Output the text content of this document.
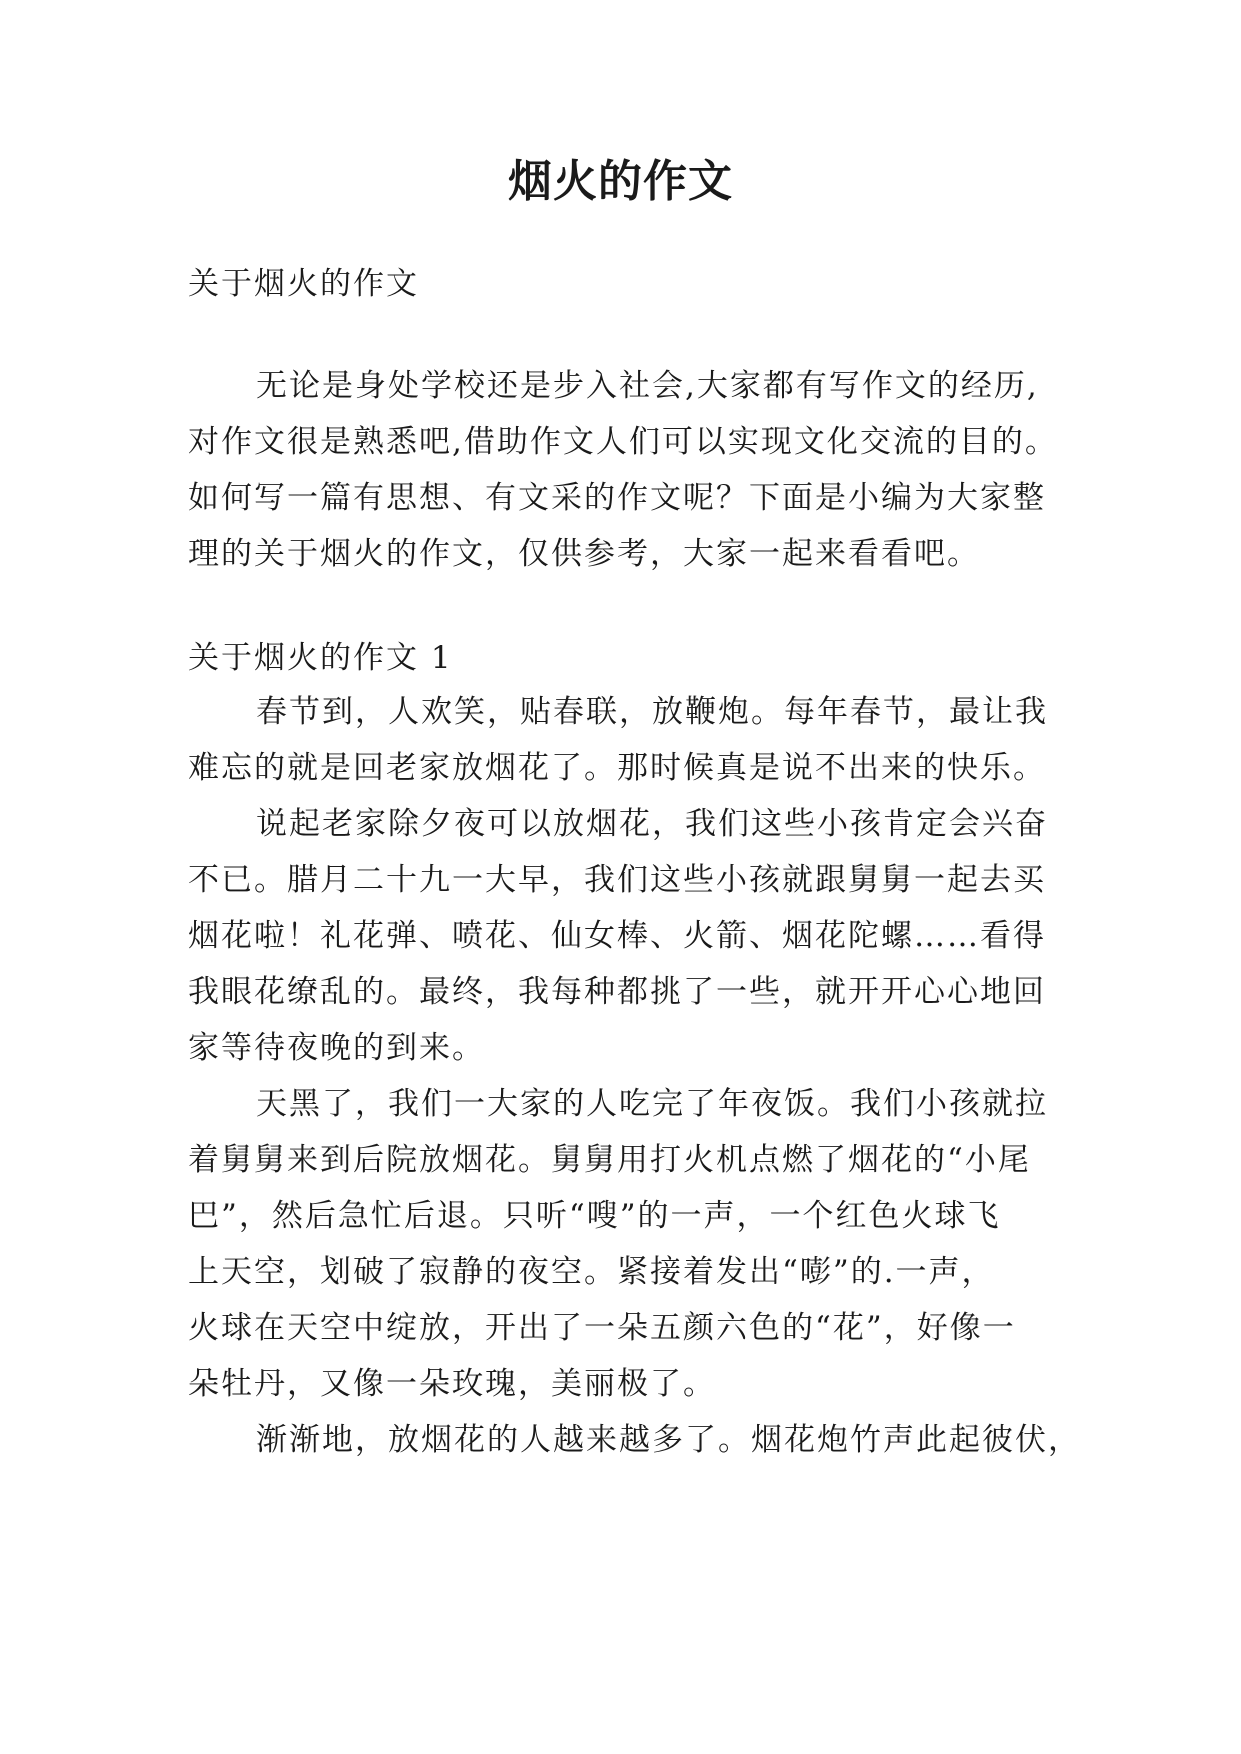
烟火的作文
关于烟火的作文
无论是身处学校还是步入社会,大家都有写作文的经历,
对作文很是熟悉吧,借助作文人们可以实现文化交流的目的。
如何写一篇有思想、有文采的作文呢？下面是小编为大家整
理的关于烟火的作文，仅供参考，大家一起来看看吧。
关于烟火的作文 1
春节到，人欢笑，贴春联，放鞭炮。每年春节，最让我
难忘的就是回老家放烟花了。那时候真是说不出来的快乐。
说起老家除夕夜可以放烟花，我们这些小孩肯定会兴奋
不已。腊月二十九一大早，我们这些小孩就跟舅舅一起去买
烟花啦！礼花弹、喷花、仙女棒、火箭、烟花陀螺……看得
我眼花缭乱的。最终，我每种都挑了一些，就开开心心地回
家等待夜晚的到来。
天黑了，我们一大家的人吃完了年夜饭。我们小孩就拉
着舅舅来到后院放烟花。舅舅用打火机点燃了烟花的“小尾
巴”，然后急忙后退。只听“嗖”的一声，一个红色火球飞
上天空，划破了寂静的夜空。紧接着发出“嘭”的.一声，
火球在天空中绽放，开出了一朵五颜六色的“花”，好像一
朵牡丹，又像一朵玫瑰，美丽极了。
渐渐地，放烟花的人越来越多了。烟花炮竹声此起彼伏，
